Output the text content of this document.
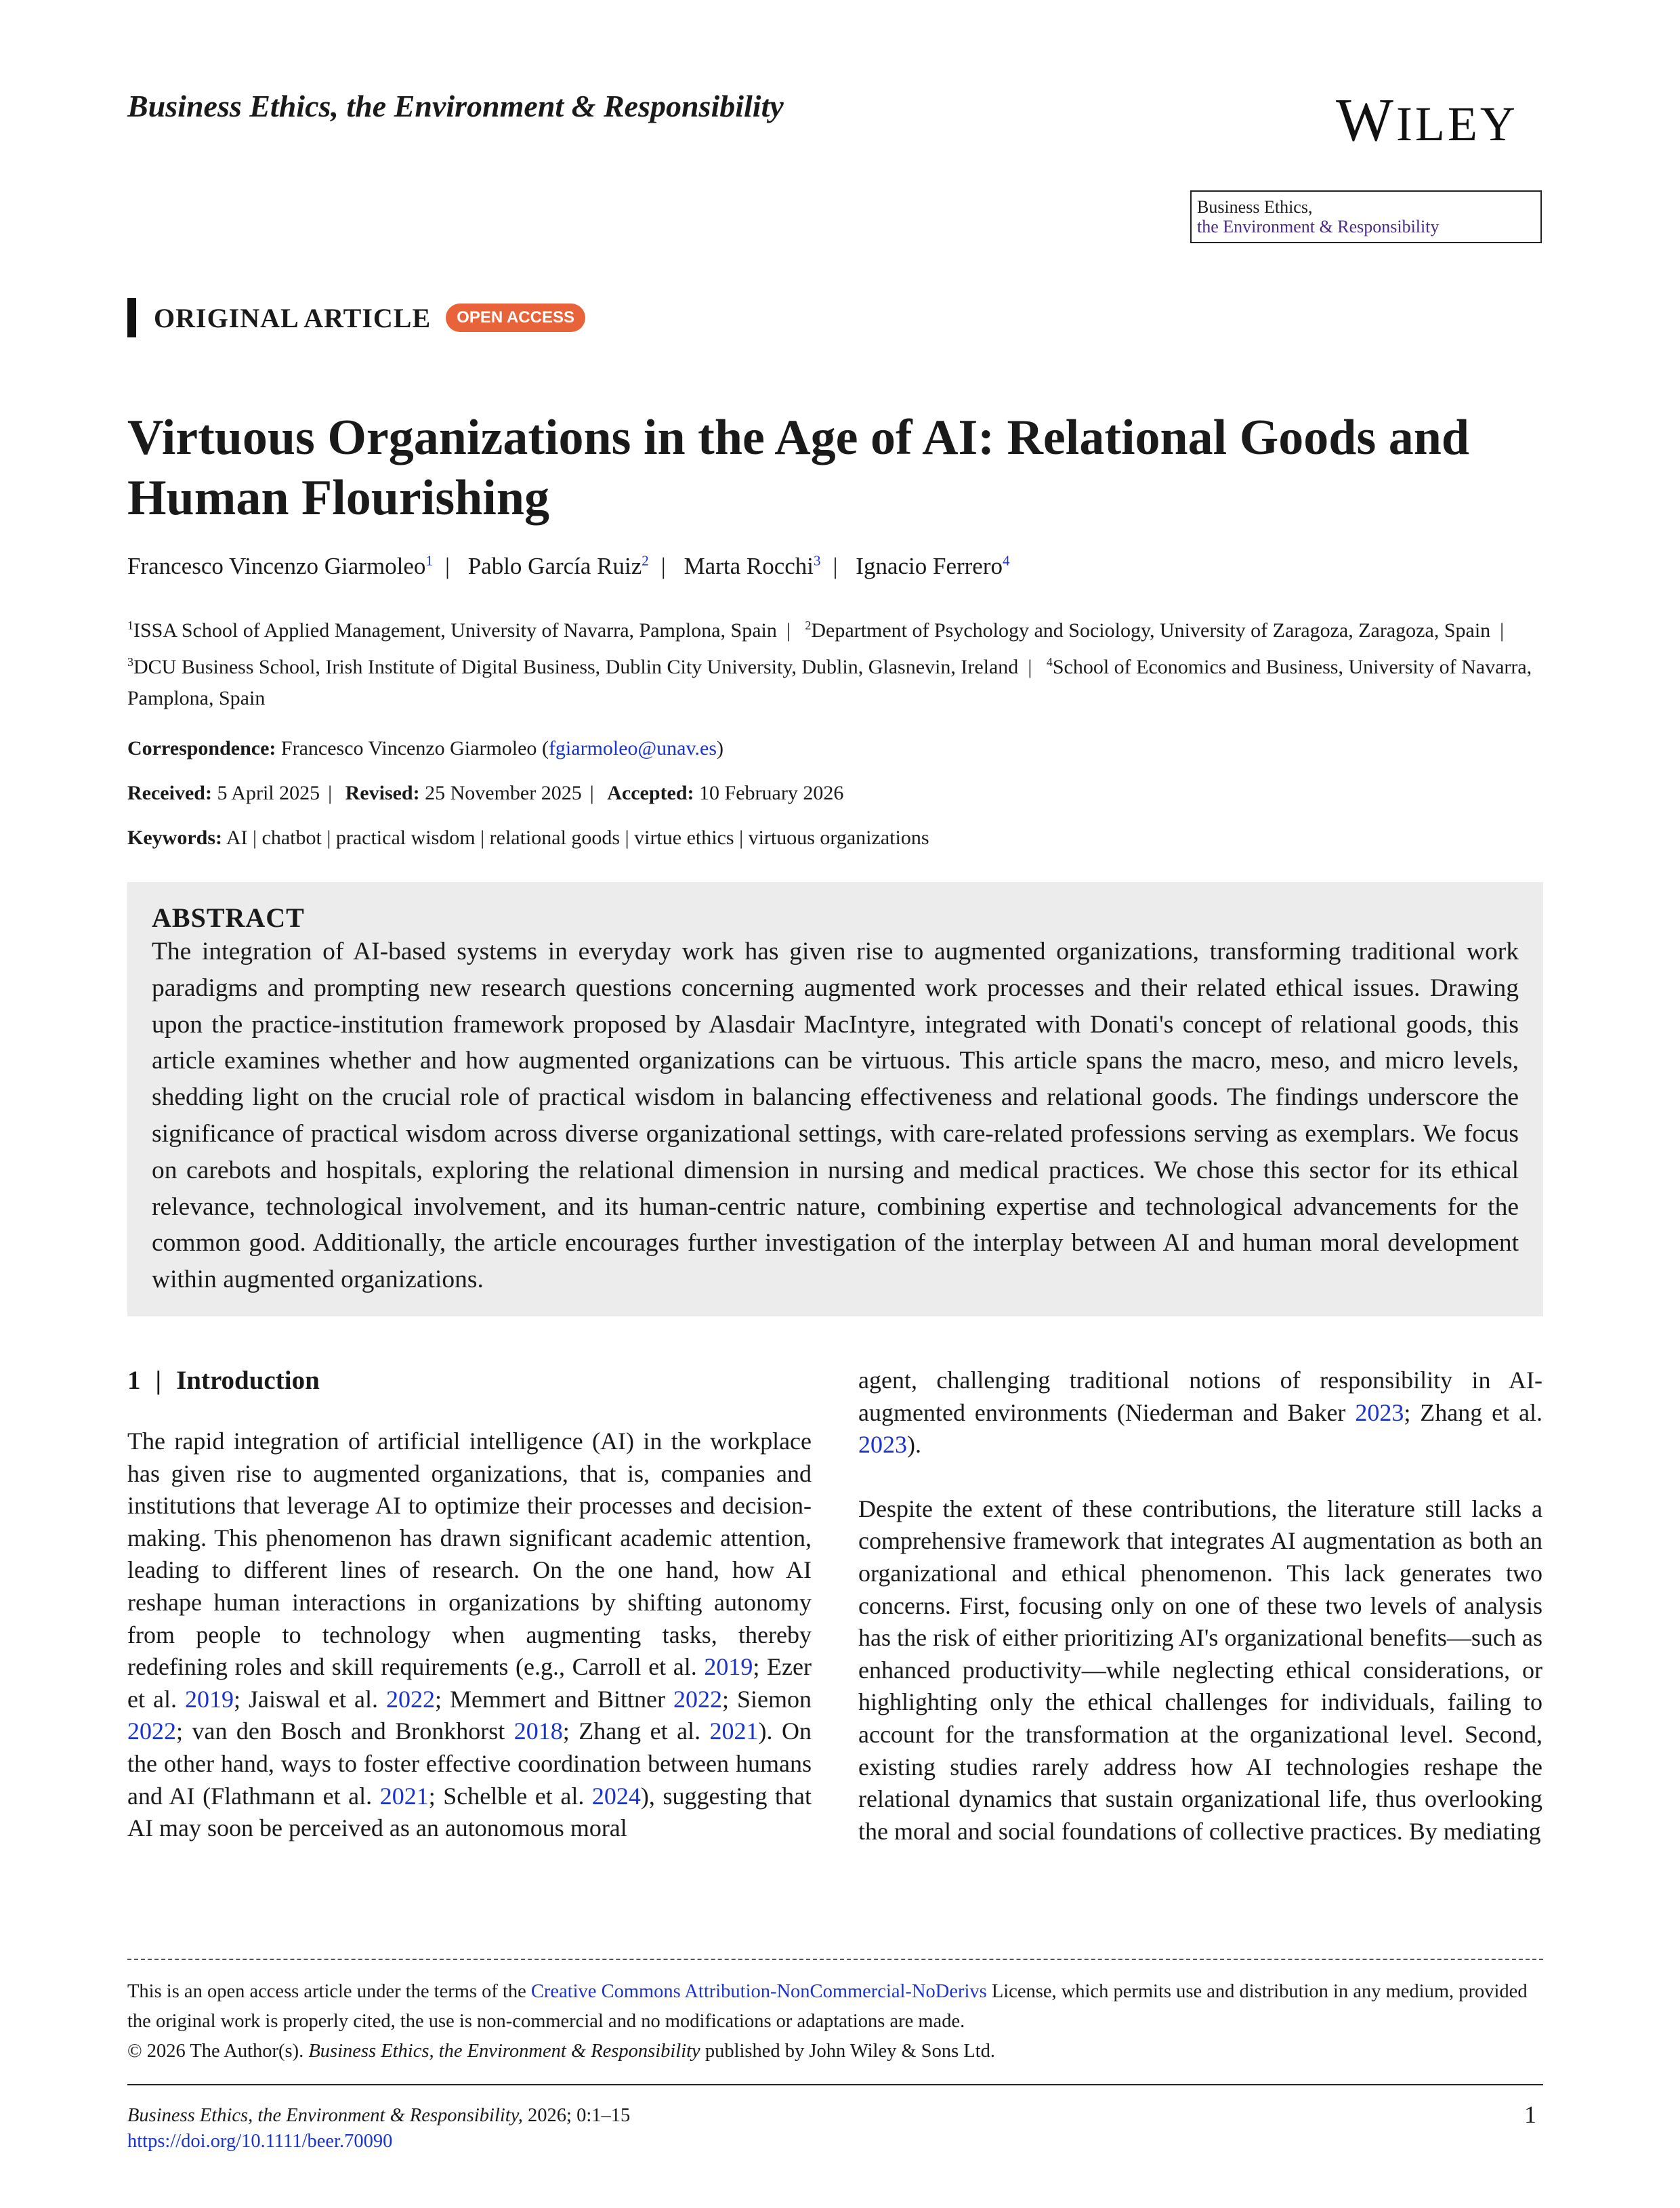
Business Ethics, the Environment & Responsibility	WILEY
Business Ethics,
the Environment & Responsibility
ORIGINAL ARTICLE	OPEN ACCESS
Virtuous Organizations in the Age of AI: Relational Goods and Human Flourishing
Francesco Vincenzo Giarmoleo$^1$ | Pablo García Ruiz$^2$ | Marta Rocchi$^3$ | Ignacio Ferrero$^4$
$^1$ISSA School of Applied Management, University of Navarra, Pamplona, Spain | $^2$Department of Psychology and Sociology, University of Zaragoza, Zaragoza, Spain | $^3$DCU Business School, Irish Institute of Digital Business, Dublin City University, Dublin, Glasnevin, Ireland | $^4$School of Economics and Business, University of Navarra, Pamplona, Spain
Correspondence: Francesco Vincenzo Giarmoleo (fgiarmoleo@unav.es)
Received: 5 April 2025 | Revised: 25 November 2025 | Accepted: 10 February 2026
Keywords: AI | chatbot | practical wisdom | relational goods | virtue ethics | virtuous organizations
ABSTRACT

The integration of AI-based systems in everyday work has given rise to augmented organizations, transforming traditional work paradigms and prompting new research questions concerning augmented work processes and their related ethical issues. Drawing upon the practice-institution framework proposed by Alasdair MacIntyre, integrated with Donati's concept of relational goods, this article examines whether and how augmented organizations can be virtuous. This article spans the macro, meso, and micro levels, shedding light on the crucial role of practical wisdom in balancing effectiveness and relational goods. The findings underscore the significance of practical wisdom across diverse organizational settings, with care-related professions serving as exemplars. We focus on carebots and hospitals, exploring the relational dimension in nursing and medical practices. We chose this sector for its ethical relevance, technological involvement, and its human-centric nature, combining expertise and technological advancements for the common good. Additionally, the article encourages further investigation of the interplay between AI and human moral development within augmented organizations.

1 | Introduction

The rapid integration of artificial intelligence (AI) in the workplace has given rise to augmented organizations, that is, companies and institutions that leverage AI to optimize their processes and decision-making. This phenomenon has drawn significant academic attention, leading to different lines of research. On the one hand, how AI reshape human interactions in organizations by shifting autonomy from people to technology when augmenting tasks, thereby redefining roles and skill requirements (e.g., Carroll et al. 2019; Ezer et al. 2019; Jaiswal et al. 2022; Memmert and Bittner 2022; Siemon 2022; van den Bosch and Bronkhorst 2018; Zhang et al. 2021). On the other hand, ways to foster effective coordination between humans and AI (Flathmann et al. 2021; Schelble et al. 2024), suggesting that AI may soon be perceived as an autonomous moral

agent, challenging traditional notions of responsibility in AI-augmented environments (Niederman and Baker 2023; Zhang et al. 2023).

Despite the extent of these contributions, the literature still lacks a comprehensive framework that integrates AI augmentation as both an organizational and ethical phenomenon. This lack generates two concerns. First, focusing only on one of these two levels of analysis has the risk of either prioritizing AI's organizational benefits—such as enhanced productivity—while neglecting ethical considerations, or highlighting only the ethical challenges for individuals, failing to account for the transformation at the organizational level. Second, existing studies rarely address how AI technologies reshape the relational dynamics that sustain organizational life, thus overlooking the moral and social foundations of collective practices. By mediating

This is an open access article under the terms of the Creative Commons Attribution-NonCommercial-NoDerivs License, which permits use and distribution in any medium, provided the original work is properly cited, the use is non-commercial and no modifications or adaptations are made.
© 2026 The Author(s). Business Ethics, the Environment & Responsibility published by John Wiley & Sons Ltd.
Business Ethics, the Environment & Responsibility, 2026; 0:1–15
https://doi.org/10.1111/beer.70090
1
